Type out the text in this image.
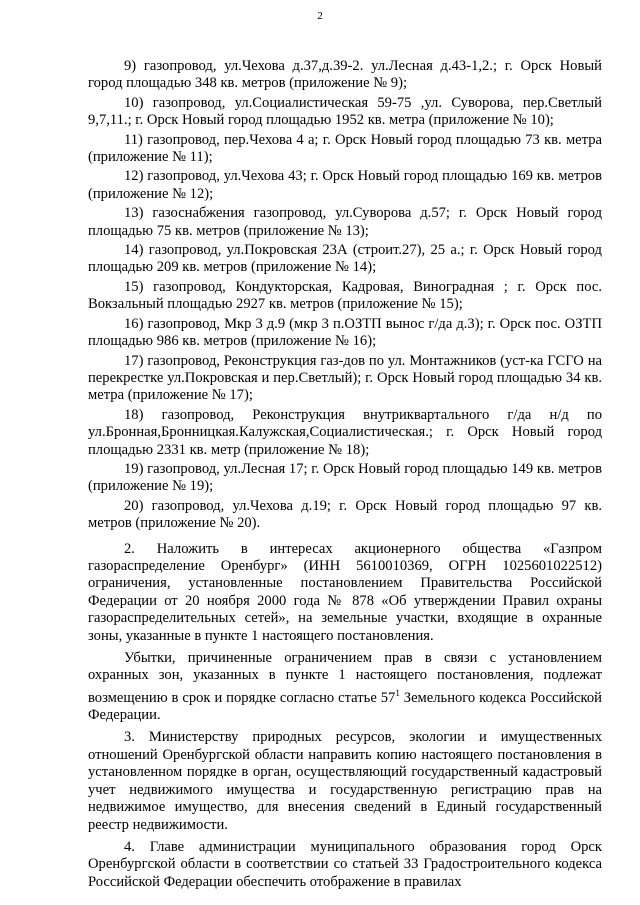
2

9) газопровод, ул.Чехова д.37,д.39-2. ул.Лесная д.43-1,2.; г. Орск Новый город площадью 348 кв. метров (приложение № 9);

10) газопровод, ул.Социалистическая 59-75 ,ул. Суворова, пер.Светлый 9,7,11.; г. Орск Новый город площадью 1952 кв. метра (приложение № 10);

11) газопровод, пер.Чехова 4 а; г. Орск Новый город площадью 73 кв. метра (приложение № 11);

12) газопровод, ул.Чехова 43; г. Орск Новый город площадью 169 кв. метров (приложение № 12);

13) газоснабжения газопровод, ул.Суворова д.57; г. Орск Новый город площадью 75 кв. метров (приложение № 13);

14) газопровод, ул.Покровская 23А (строит.27), 25 а.; г. Орск Новый город площадью 209 кв. метров (приложение № 14);

15) газопровод, Кондукторская, Кадровая, Виноградная ; г. Орск пос. Вокзальный площадью 2927 кв. метров (приложение № 15);

16) газопровод, Мкр 3 д.9 (мкр 3 п.ОЗТП вынос г/да д.3); г. Орск пос. ОЗТП площадью 986 кв. метров (приложение № 16);

17) газопровод, Реконструкция газ-дов по ул. Монтажников (уст-ка ГСГО на перекрестке ул.Покровская и пер.Светлый); г. Орск Новый город площадью 34 кв. метра (приложение № 17);

18) газопровод, Реконструкция внутриквартального г/да н/д по ул.Бронная,Бронницкая.Калужская,Социалистическая.; г. Орск Новый город площадью 2331 кв. метр (приложение № 18);

19) газопровод, ул.Лесная 17; г. Орск Новый город площадью 149 кв. метров (приложение № 19);

20) газопровод, ул.Чехова д.19; г. Орск Новый город площадью 97 кв. метров (приложение № 20).

2. Наложить в интересах акционерного общества «Газпром газораспределение Оренбург» (ИНН 5610010369, ОГРН 1025601022512) ограничения, установленные постановлением Правительства Российской Федерации от 20 ноября 2000 года № 878 «Об утверждении Правил охраны газораспределительных сетей», на земельные участки, входящие в охранные зоны, указанные в пункте 1 настоящего постановления.

Убытки, причиненные ограничением прав в связи с установлением охранных зон, указанных в пункте 1 настоящего постановления, подлежат возмещению в срок и порядке согласно статье $57^1$ Земельного кодекса Российской Федерации.

3. Министерству природных ресурсов, экологии и имущественных отношений Оренбургской области направить копию настоящего постановления в установленном порядке в орган, осуществляющий государственный кадастровый учет недвижимого имущества и государственную регистрацию прав на недвижимое имущество, для внесения сведений в Единый государственный реестр недвижимости.

4. Главе администрации муниципального образования город Орск Оренбургской области в соответствии со статьей 33 Градостроительного кодекса Российской Федерации обеспечить отображение в правилах
